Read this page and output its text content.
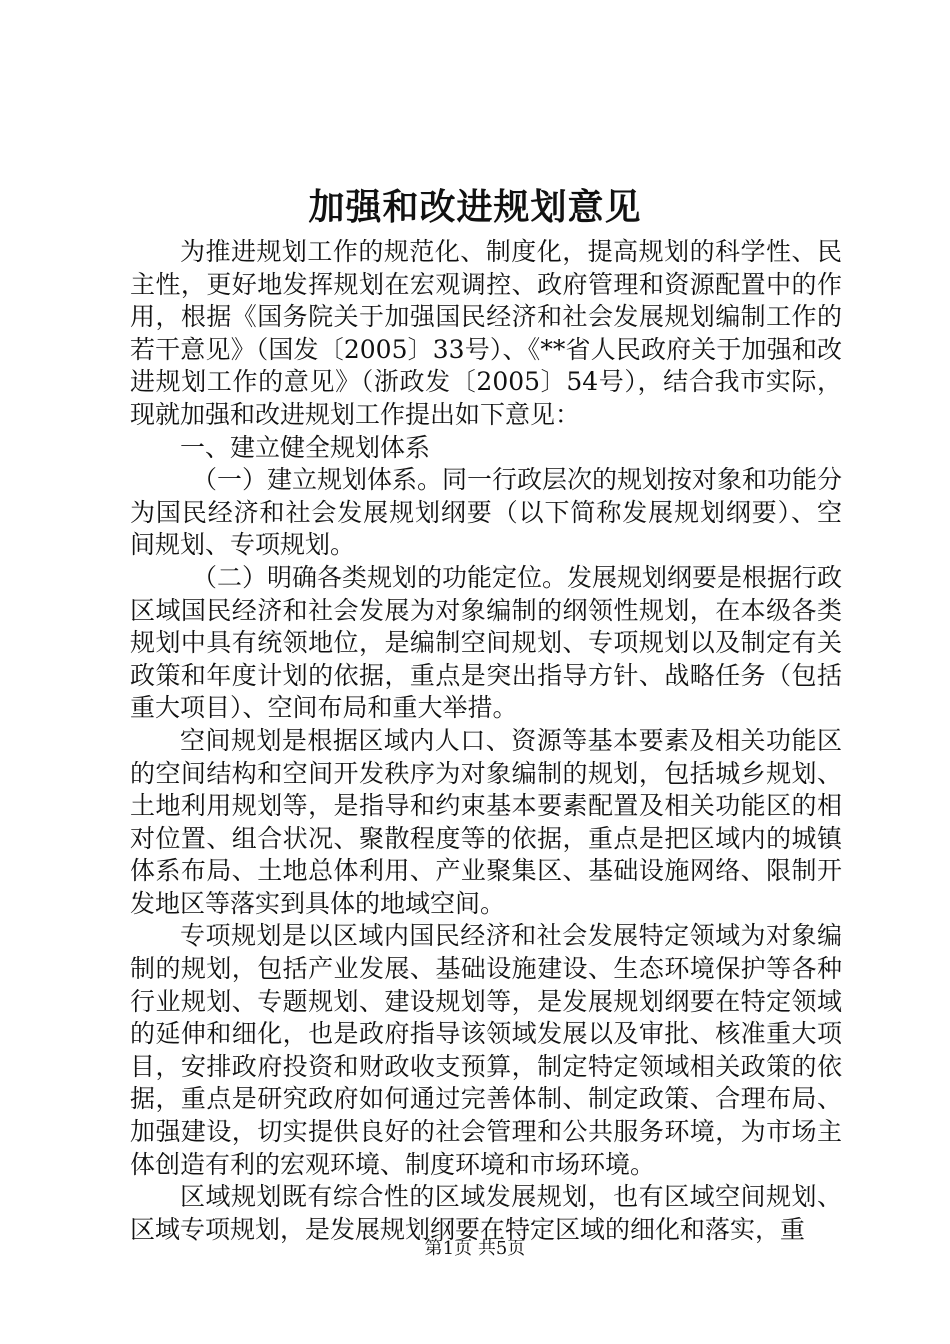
加强和改进规划意见

为推进规划工作的规范化、制度化，提高规划的科学性、民主性，更好地发挥规划在宏观调控、政府管理和资源配置中的作用，根据《国务院关于加强国民经济和社会发展规划编制工作的若干意见》（国发〔2005〕33号）、《**省人民政府关于加强和改进规划工作的意见》（浙政发〔2005〕54号），结合我市实际，现就加强和改进规划工作提出如下意见：

一、建立健全规划体系

（一）建立规划体系。同一行政层次的规划按对象和功能分为国民经济和社会发展规划纲要（以下简称发展规划纲要）、空间规划、专项规划。

（二）明确各类规划的功能定位。发展规划纲要是根据行政区域国民经济和社会发展为对象编制的纲领性规划，在本级各类规划中具有统领地位，是编制空间规划、专项规划以及制定有关政策和年度计划的依据，重点是突出指导方针、战略任务（包括重大项目）、空间布局和重大举措。

空间规划是根据区域内人口、资源等基本要素及相关功能区的空间结构和空间开发秩序为对象编制的规划，包括城乡规划、土地利用规划等，是指导和约束基本要素配置及相关功能区的相对位置、组合状况、聚散程度等的依据，重点是把区域内的城镇体系布局、土地总体利用、产业聚集区、基础设施网络、限制开发地区等落实到具体的地域空间。

专项规划是以区域内国民经济和社会发展特定领域为对象编制的规划，包括产业发展、基础设施建设、生态环境保护等各种行业规划、专题规划、建设规划等，是发展规划纲要在特定领域的延伸和细化，也是政府指导该领域发展以及审批、核准重大项目，安排政府投资和财政收支预算，制定特定领域相关政策的依据，重点是研究政府如何通过完善体制、制定政策、合理布局、加强建设，切实提供良好的社会管理和公共服务环境，为市场主体创造有利的宏观环境、制度环境和市场环境。

区域规划既有综合性的区域发展规划，也有区域空间规划、区域专项规划，是发展规划纲要在特定区域的细化和落实，重

第1页 共5页
